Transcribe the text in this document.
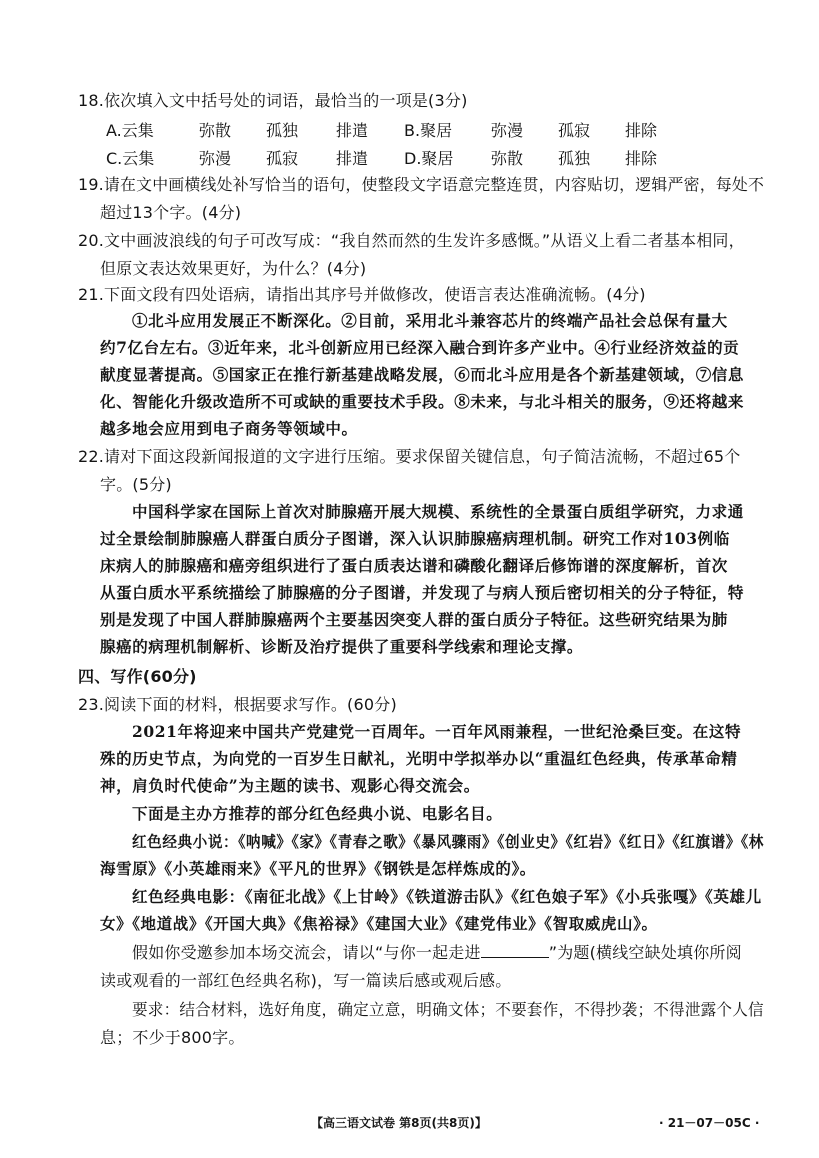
18.依次填入文中括号处的词语，最恰当的一项是(3分)

A.云集	弥散 孤独 排遣 B.聚居 弥漫 孤寂 排除
C.云集	弥漫 孤寂 排遣 D.聚居 弥散 孤独 排除

19.请在文中画横线处补写恰当的语句，使整段文字语意完整连贯，内容贴切，逻辑严密，每处不

超过13个字。(4分)

20.文中画波浪线的句子可改写成：“我自然而然的生发许多感慨。”从语义上看二者基本相同，

但原文表达效果更好，为什么？(4分)

21.下面文段有四处语病，请指出其序号并做修改，使语言表达准确流畅。(4分)

①北斗应用发展正不断深化。②目前，采用北斗兼容芯片的终端产品社会总保有量大

约7亿台左右。③近年来，北斗创新应用已经深入融合到许多产业中。④行业经济效益的贡

献度显著提高。⑤国家正在推行新基建战略发展，⑥而北斗应用是各个新基建领域，⑦信息

化、智能化升级改造所不可或缺的重要技术手段。⑧未来，与北斗相关的服务，⑨还将越来

越多地会应用到电子商务等领域中。

22.请对下面这段新闻报道的文字进行压缩。要求保留关键信息，句子简洁流畅，不超过65个

字。(5分)

中国科学家在国际上首次对肺腺癌开展大规模、系统性的全景蛋白质组学研究，力求通

过全景绘制肺腺癌人群蛋白质分子图谱，深入认识肺腺癌病理机制。研究工作对103例临

床病人的肺腺癌和癌旁组织进行了蛋白质表达谱和磷酸化翻译后修饰谱的深度解析，首次

从蛋白质水平系统描绘了肺腺癌的分子图谱，并发现了与病人预后密切相关的分子特征，特

别是发现了中国人群肺腺癌两个主要基因突变人群的蛋白质分子特征。这些研究结果为肺

腺癌的病理机制解析、诊断及治疗提供了重要科学线索和理论支撑。

四、写作(60分)

23.阅读下面的材料，根据要求写作。(60分)

2021年将迎来中国共产党建党一百周年。一百年风雨兼程，一世纪沧桑巨变。在这特

殊的历史节点，为向党的一百岁生日献礼，光明中学拟举办以“重温红色经典，传承革命精

神，肩负时代使命”为主题的读书、观影心得交流会。

下面是主办方推荐的部分红色经典小说、电影名目。

红色经典小说：《呐喊》《家》《青春之歌》《暴风骤雨》《创业史》《红岩》《红日》《红旗谱》《林

海雪原》《小英雄雨来》《平凡的世界》《钢铁是怎样炼成的》。

红色经典电影：《南征北战》《上甘岭》《铁道游击队》《红色娘子军》《小兵张嘎》《英雄儿

女》《地道战》《开国大典》《焦裕禄》《建国大业》《建党伟业》《智取威虎山》。

假如你受邀参加本场交流会，请以“与你一起走进	”为题(横线空缺处填你所阅

读或观看的一部红色经典名称)，写一篇读后感或观后感。

要求：结合材料，选好角度，确定立意，明确文体；不要套作，不得抄袭；不得泄露个人信

息；不少于800字。

【高三语文试卷 第8页(共8页)】	· 21－07－05C ·
